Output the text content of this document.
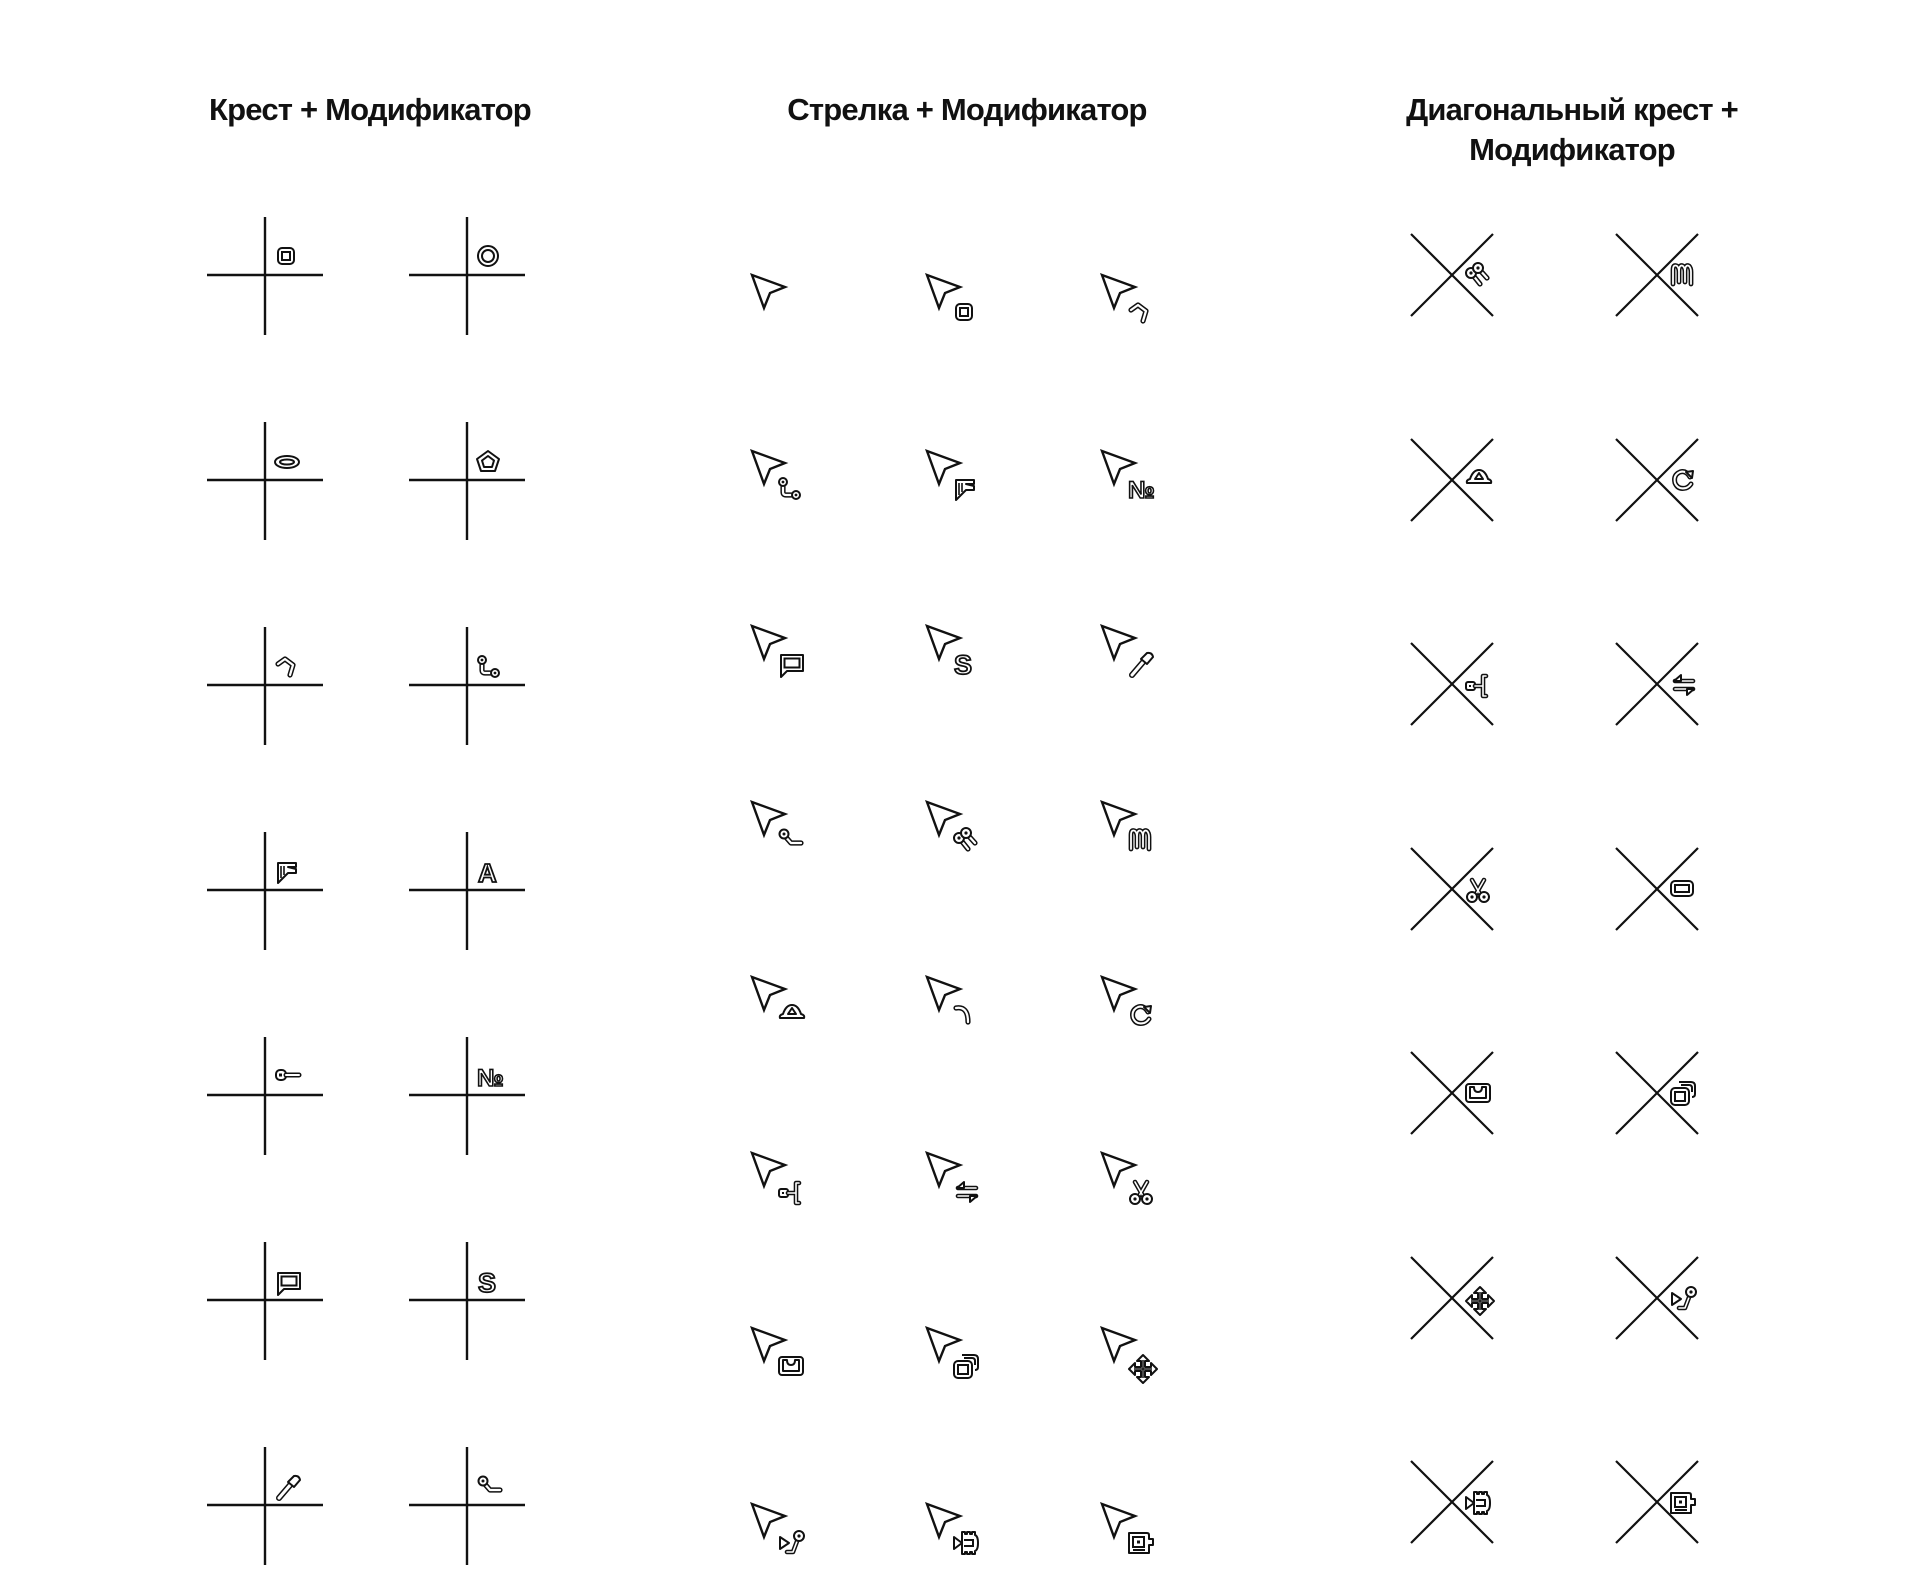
Крест + Модификатор	Стрелка + Модификатор	Диагональный крест +
Модификатор
A
№
S
№
S
